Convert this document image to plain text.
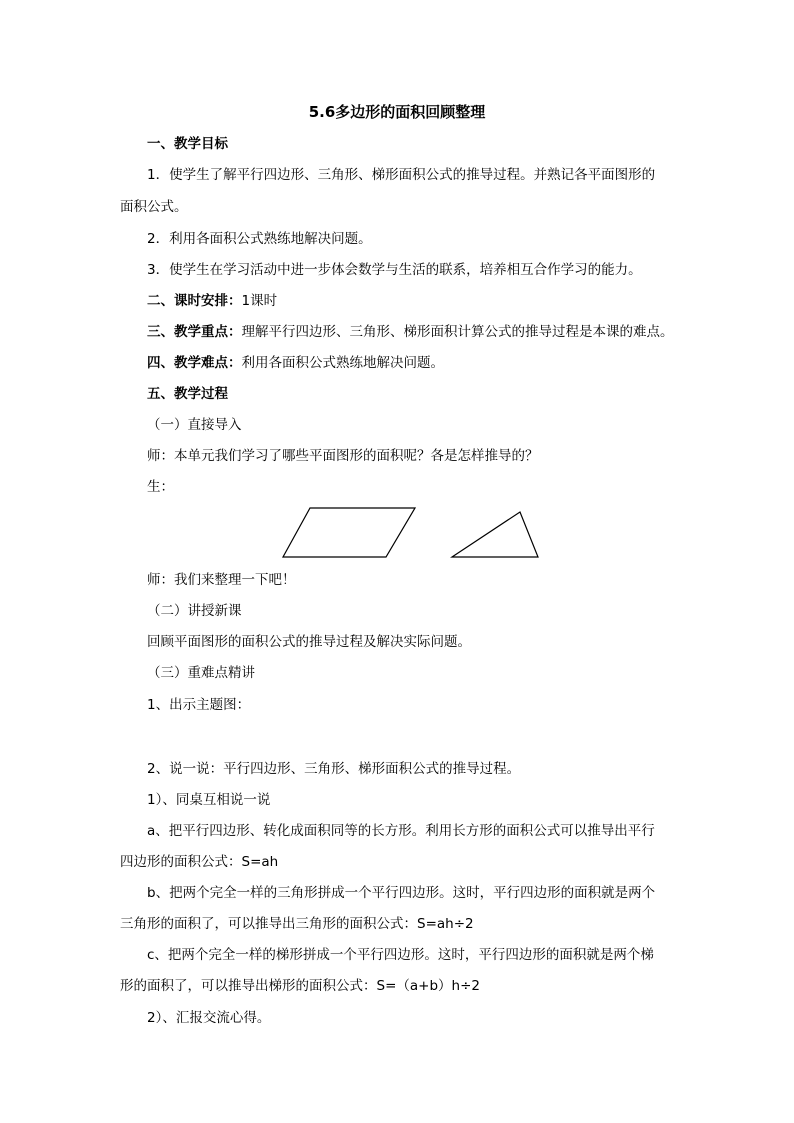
5.6多边形的面积回顾整理
一、教学目标
1．使学生了解平行四边形、三角形、梯形面积公式的推导过程。并熟记各平面图形的
面积公式。
2．利用各面积公式熟练地解决问题。
3．使学生在学习活动中进一步体会数学与生活的联系，培养相互合作学习的能力。
二、课时安排：1课时
三、教学重点：理解平行四边形、三角形、梯形面积计算公式的推导过程是本课的难点。
四、教学难点：利用各面积公式熟练地解决问题。
五、教学过程
（一）直接导入
师：本单元我们学习了哪些平面图形的面积呢？各是怎样推导的？
生：
师：我们来整理一下吧！
（二）讲授新课
回顾平面图形的面积公式的推导过程及解决实际问题。
（三）重难点精讲
1、出示主题图：
2、说一说：平行四边形、三角形、梯形面积公式的推导过程。
1）、同桌互相说一说
a、把平行四边形、转化成面积同等的长方形。利用长方形的面积公式可以推导出平行
四边形的面积公式：S=ah
b、把两个完全一样的三角形拼成一个平行四边形。这时，平行四边形的面积就是两个
三角形的面积了，可以推导出三角形的面积公式：S=ah÷2
c、把两个完全一样的梯形拼成一个平行四边形。这时，平行四边形的面积就是两个梯
形的面积了，可以推导出梯形的面积公式：S=（a+b）h÷2
2）、汇报交流心得。
